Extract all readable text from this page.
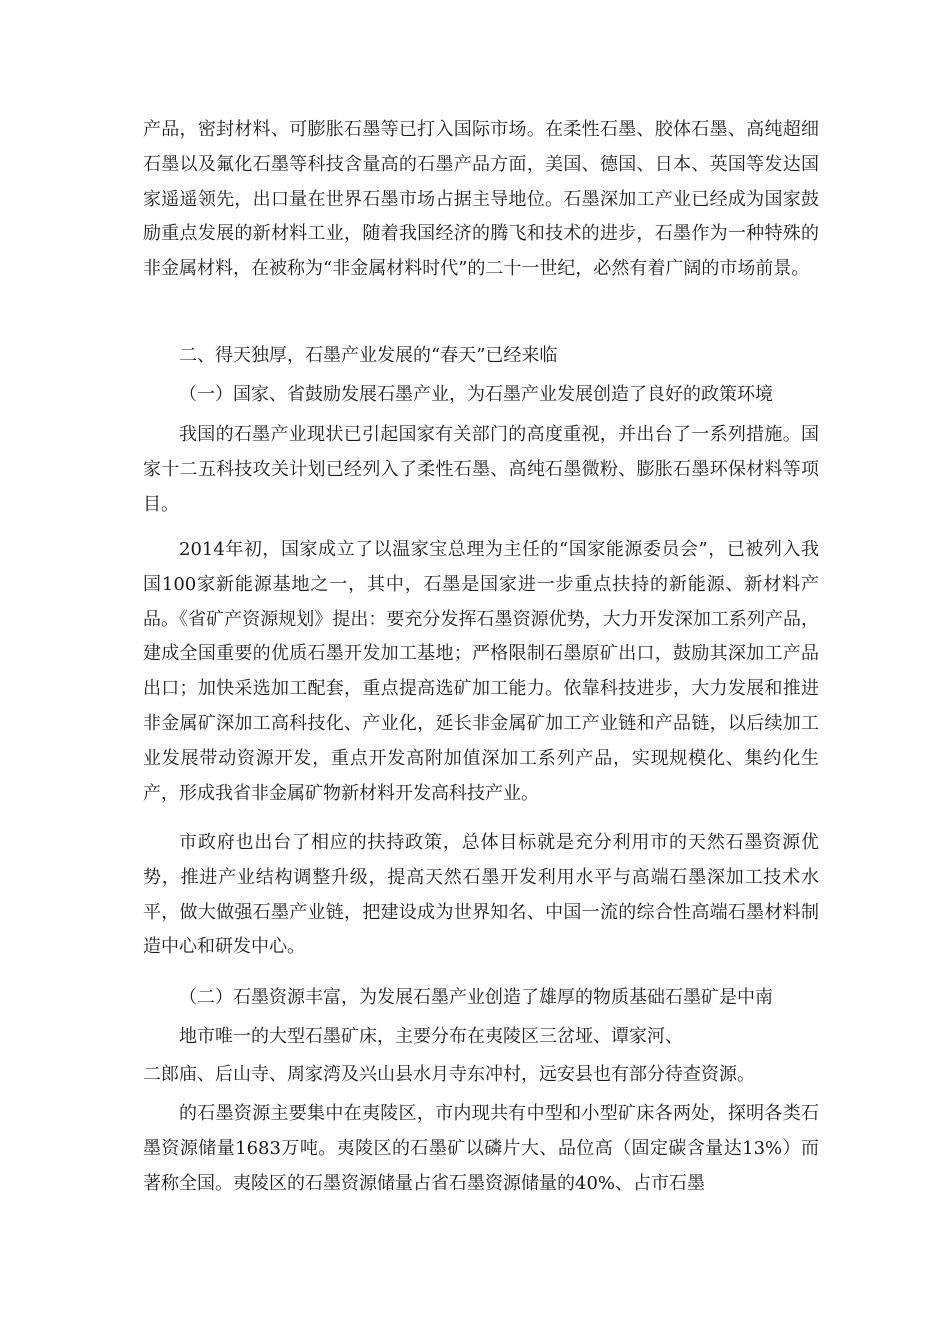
产品，密封材料、可膨胀石墨等已打入国际市场。在柔性石墨、胶体石墨、高纯超细石墨以及氟化石墨等科技含量高的石墨产品方面，美国、德国、日本、英国等发达国家遥遥领先，出口量在世界石墨市场占据主导地位。石墨深加工产业已经成为国家鼓励重点发展的新材料工业，随着我国经济的腾飞和技术的进步，石墨作为一种特殊的非金属材料，在被称为“非金属材料时代”的二十一世纪，必然有着广阔的市场前景。

二、得天独厚，石墨产业发展的“春天”已经来临

（一）国家、省鼓励发展石墨产业，为石墨产业发展创造了良好的政策环境

我国的石墨产业现状已引起国家有关部门的高度重视，并出台了一系列措施。国家十二五科技攻关计划已经列入了柔性石墨、高纯石墨微粉、膨胀石墨环保材料等项目。

2014年初，国家成立了以温家宝总理为主任的“国家能源委员会”，已被列入我国100家新能源基地之一，其中，石墨是国家进一步重点扶持的新能源、新材料产品。《省矿产资源规划》提出：要充分发挥石墨资源优势，大力开发深加工系列产品，建成全国重要的优质石墨开发加工基地；严格限制石墨原矿出口，鼓励其深加工产品出口；加快采选加工配套，重点提高选矿加工能力。依靠科技进步，大力发展和推进非金属矿深加工高科技化、产业化，延长非金属矿加工产业链和产品链，以后续加工业发展带动资源开发，重点开发高附加值深加工系列产品，实现规模化、集约化生产，形成我省非金属矿物新材料开发高科技产业。

市政府也出台了相应的扶持政策，总体目标就是充分利用市的天然石墨资源优势，推进产业结构调整升级，提高天然石墨开发利用水平与高端石墨深加工技术水平，做大做强石墨产业链，把建设成为世界知名、中国一流的综合性高端石墨材料制造中心和研发中心。

（二）石墨资源丰富，为发展石墨产业创造了雄厚的物质基础石墨矿是中南

地市唯一的大型石墨矿床，主要分布在夷陵区三岔垭、谭家河、

二郎庙、后山寺、周家湾及兴山县水月寺东冲村，远安县也有部分待查资源。

的石墨资源主要集中在夷陵区，市内现共有中型和小型矿床各两处，探明各类石墨资源储量1683万吨。夷陵区的石墨矿以磷片大、品位高（固定碳含量达13%）而著称全国。夷陵区的石墨资源储量占省石墨资源储量的40%、占市石墨
